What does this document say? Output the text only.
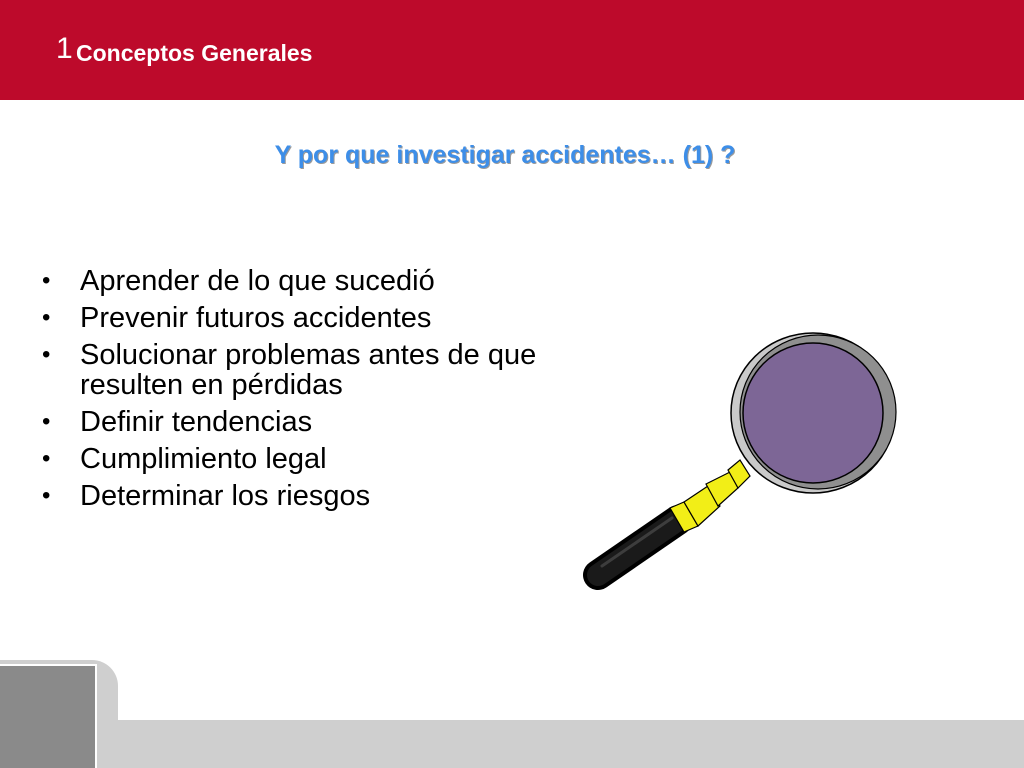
1 Conceptos Generales
Y por que investigar accidentes… (1) ?
• Aprender de lo que sucedió
• Prevenir futuros accidentes
• Solucionar problemas antes de que resulten en pérdidas
• Definir tendencias
• Cumplimiento legal
• Determinar los riesgos
